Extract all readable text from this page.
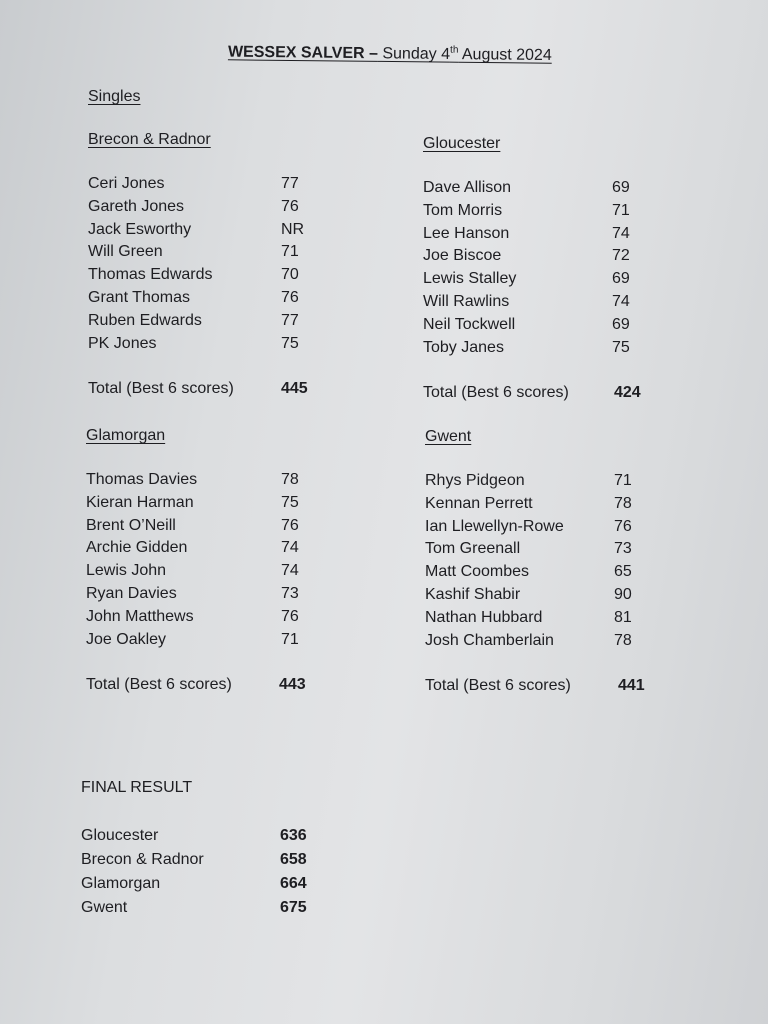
WESSEX SALVER – Sunday 4th August 2024
Singles
Brecon & Radnor
Ceri Jones	77
Gareth Jones	76
Jack Esworthy	NR
Will Green	71
Thomas Edwards	70
Grant Thomas	76
Ruben Edwards	77
PK Jones	75
Total (Best 6 scores)	445
Gloucester
Dave Allison	69
Tom Morris	71
Lee Hanson	74
Joe Biscoe	72
Lewis Stalley	69
Will Rawlins	74
Neil Tockwell	69
Toby Janes	75
Total (Best 6 scores)	424
Glamorgan
Thomas Davies	78
Kieran Harman	75
Brent O’Neill	76
Archie Gidden	74
Lewis John	74
Ryan Davies	73
John Matthews	76
Joe Oakley	71
Total (Best 6 scores)	443
Gwent
Rhys Pidgeon	71
Kennan Perrett	78
Ian Llewellyn-Rowe	76
Tom Greenall	73
Matt Coombes	65
Kashif Shabir	90
Nathan Hubbard	81
Josh Chamberlain	78
Total (Best 6 scores)	441
FINAL RESULT
Gloucester	636
Brecon & Radnor	658
Glamorgan	664
Gwent	675
